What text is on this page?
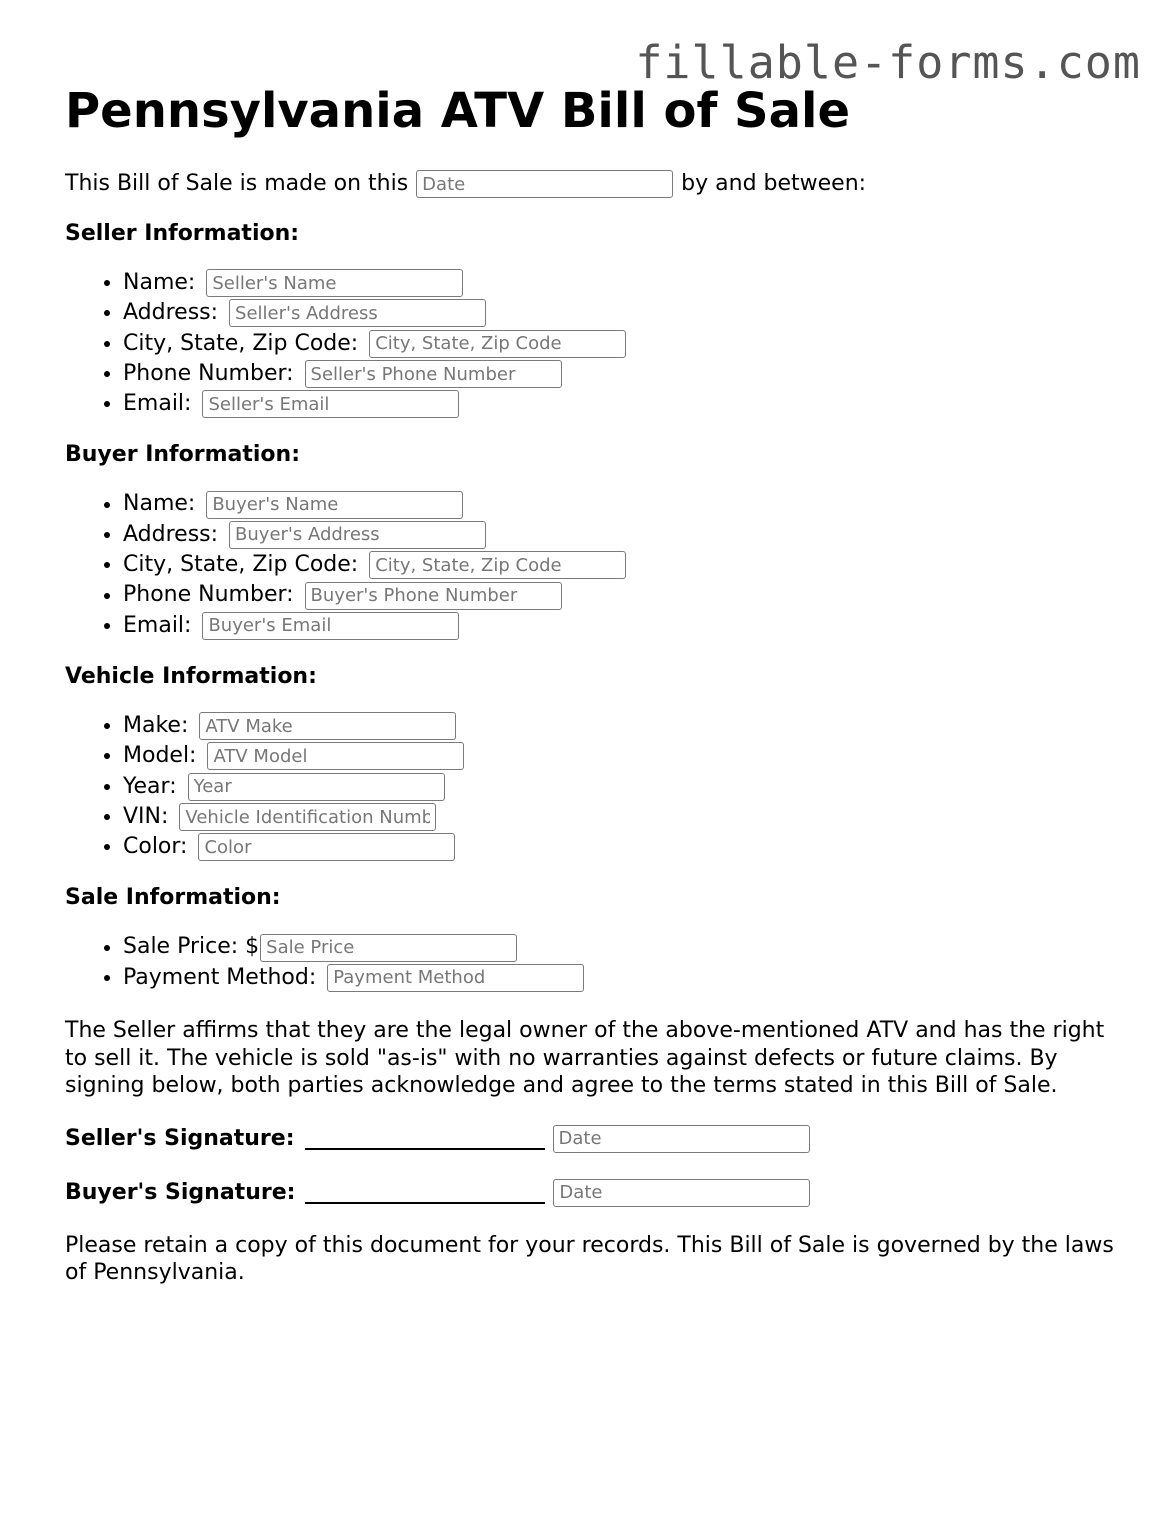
fillable-forms.com
Pennsylvania ATV Bill of Sale

This Bill of Sale is made on this

Date	by and between:

Seller Information:
• Name: Seller's Name
• Address: Seller's Address
• City, State, Zip Code: City, State, Zip Code
• Phone Number: Seller's Phone Number
• Email: Seller's Email
Buyer Information:
• Name: Buyer's Name
• Address: Buyer's Address
• City, State, Zip Code: City, State, Zip Code
• Phone Number: Buyer's Phone Number
• Email: Buyer's Email
Vehicle Information:
• Make: ATV Make
• Model: ATV Model
• Year: Year
• VIN: Vehicle Identification Number
• Color: Color
Sale Information:
• Sale Price: $Sale Price
• Payment Method: Payment Method

The Seller affirms that they are the legal owner of the above-mentioned ATV and has the right to sell it. The vehicle is sold "as-is" with no warranties against defects or future claims. By signing below, both parties acknowledge and agree to the terms stated in this Bill of Sale.

Seller's Signature:
Date
Buyer's Signature:
Date

Please retain a copy of this document for your records. This Bill of Sale is governed by the laws of Pennsylvania.
